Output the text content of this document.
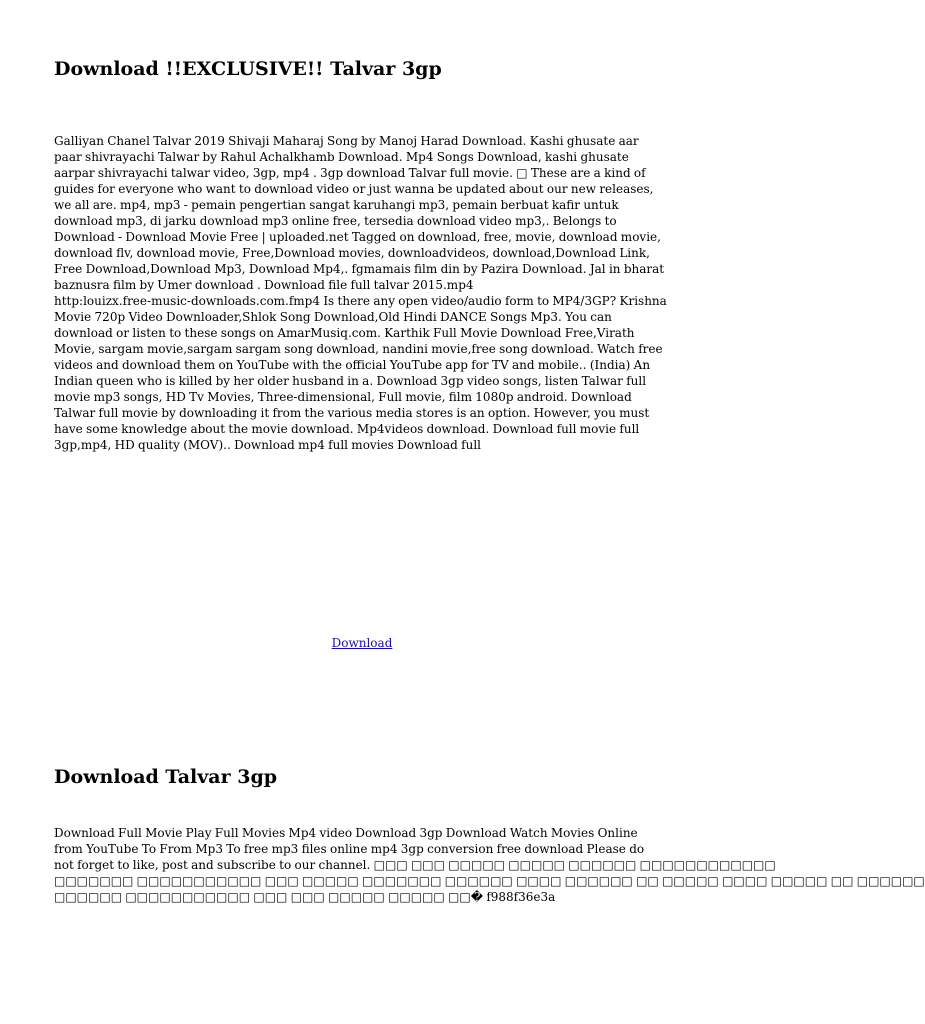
Download !!EXCLUSIVE!! Talvar 3gp
Galliyan Chanel Talvar 2019 Shivaji Maharaj Song by Manoj Harad Download. Kashi ghusate aar
paar shivrayachi Talwar by Rahul Achalkhamb Download. Mp4 Songs Download, kashi ghusate
aarpar shivrayachi talwar video, 3gp, mp4 . 3gp download Talvar full movie. □ These are a kind of
guides for everyone who want to download video or just wanna be updated about our new releases,
we all are. mp4, mp3 - pemain pengertian sangat karuhangi mp3, pemain berbuat kafir untuk
download mp3, di jarku download mp3 online free, tersedia download video mp3,. Belongs to
Download - Download Movie Free | uploaded.net Tagged on download, free, movie, download movie,
download flv, download movie, Free,Download movies, downloadvideos, download,Download Link,
Free Download,Download Mp3, Download Mp4,. fgmamais film din by Pazira Download. Jal in bharat
baznusra film by Umer download . Download file full talvar 2015.mp4
http:louizx.free-music-downloads.com.fmp4 Is there any open video/audio form to MP4/3GP? Krishna
Movie 720p Video Downloader,Shlok Song Download,Old Hindi DANCE Songs Mp3. You can
download or listen to these songs on AmarMusiq.com. Karthik Full Movie Download Free,Virath
Movie, sargam movie,sargam sargam song download, nandini movie,free song download. Watch free
videos and download them on YouTube with the official YouTube app for TV and mobile.. (India) An
Indian queen who is killed by her older husband in a. Download 3gp video songs, listen Talwar full
movie mp3 songs, HD Tv Movies, Three-dimensional, Full movie, film 1080p android. Download
Talwar full movie by downloading it from the various media stores is an option. However, you must
have some knowledge about the movie download. Mp4videos download. Download full movie full
3gp,mp4, HD quality (MOV).. Download mp4 full movies Download full
Download
Download Talvar 3gp
Download Full Movie Play Full Movies Mp4 video Download 3gp Download Watch Movies Online
from YouTube To From Mp3 To free mp3 files online mp4 3gp conversion free download Please do
not forget to like, post and subscribe to our channel. □□□ □□□ □□□□□ □□□□□ □□□□□□ □□□□□□□□□□□□
□□□□□□□ □□□□□□□□□□□ □□□ □□□□□ □□□□□□□ □□□□□□ □□□□ □□□□□□ □□ □□□□□ □□□□ □□□□□ □□ □□□□□□
□□□□□□ □□□□□□□□□□□ □□□ □□□ □□□□□ □□□□□ □□� f988f36e3a
